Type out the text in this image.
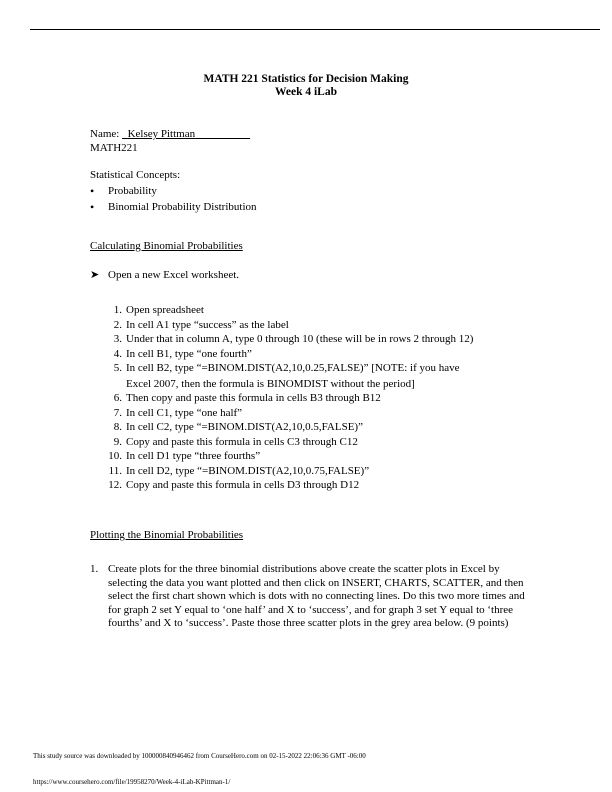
MATH 221 Statistics for Decision Making
Week 4 iLab
Name: Kelsey Pittman
MATH221
Statistical Concepts:
• Probability
• Binomial Probability Distribution
Calculating Binomial Probabilities
➤ Open a new Excel worksheet.
1. Open spreadsheet
2. In cell A1 type “success” as the label
3. Under that in column A, type 0 through 10 (these will be in rows 2 through 12)
4. In cell B1, type “one fourth”
5. In cell B2, type “=BINOM.DIST(A2,10,0.25,FALSE)” [NOTE: if you have
Excel 2007, then the formula is BINOMDIST without the period]
6. Then copy and paste this formula in cells B3 through B12
7. In cell C1, type “one half”
8. In cell C2, type “=BINOM.DIST(A2,10,0.5,FALSE)”
9. Copy and paste this formula in cells C3 through C12
10. In cell D1 type “three fourths”
11. In cell D2, type “=BINOM.DIST(A2,10,0.75,FALSE)”
12. Copy and paste this formula in cells D3 through D12
Plotting the Binomial Probabilities
1. Create plots for the three binomial distributions above create the scatter plots in Excel by selecting the data you want plotted and then click on INSERT, CHARTS, SCATTER, and then select the first chart shown which is dots with no connecting lines. Do this two more times and for graph 2 set Y equal to ‘one half’ and X to ‘success’, and for graph 3 set Y equal to ‘three fourths’ and X to ‘success’. Paste those three scatter plots in the grey area below. (9 points)
This study source was downloaded by 100000840946462 from CourseHero.com on 02-15-2022 22:06:36 GMT -06:00
https://www.coursehero.com/file/19958270/Week-4-iLab-KPittman-1/
